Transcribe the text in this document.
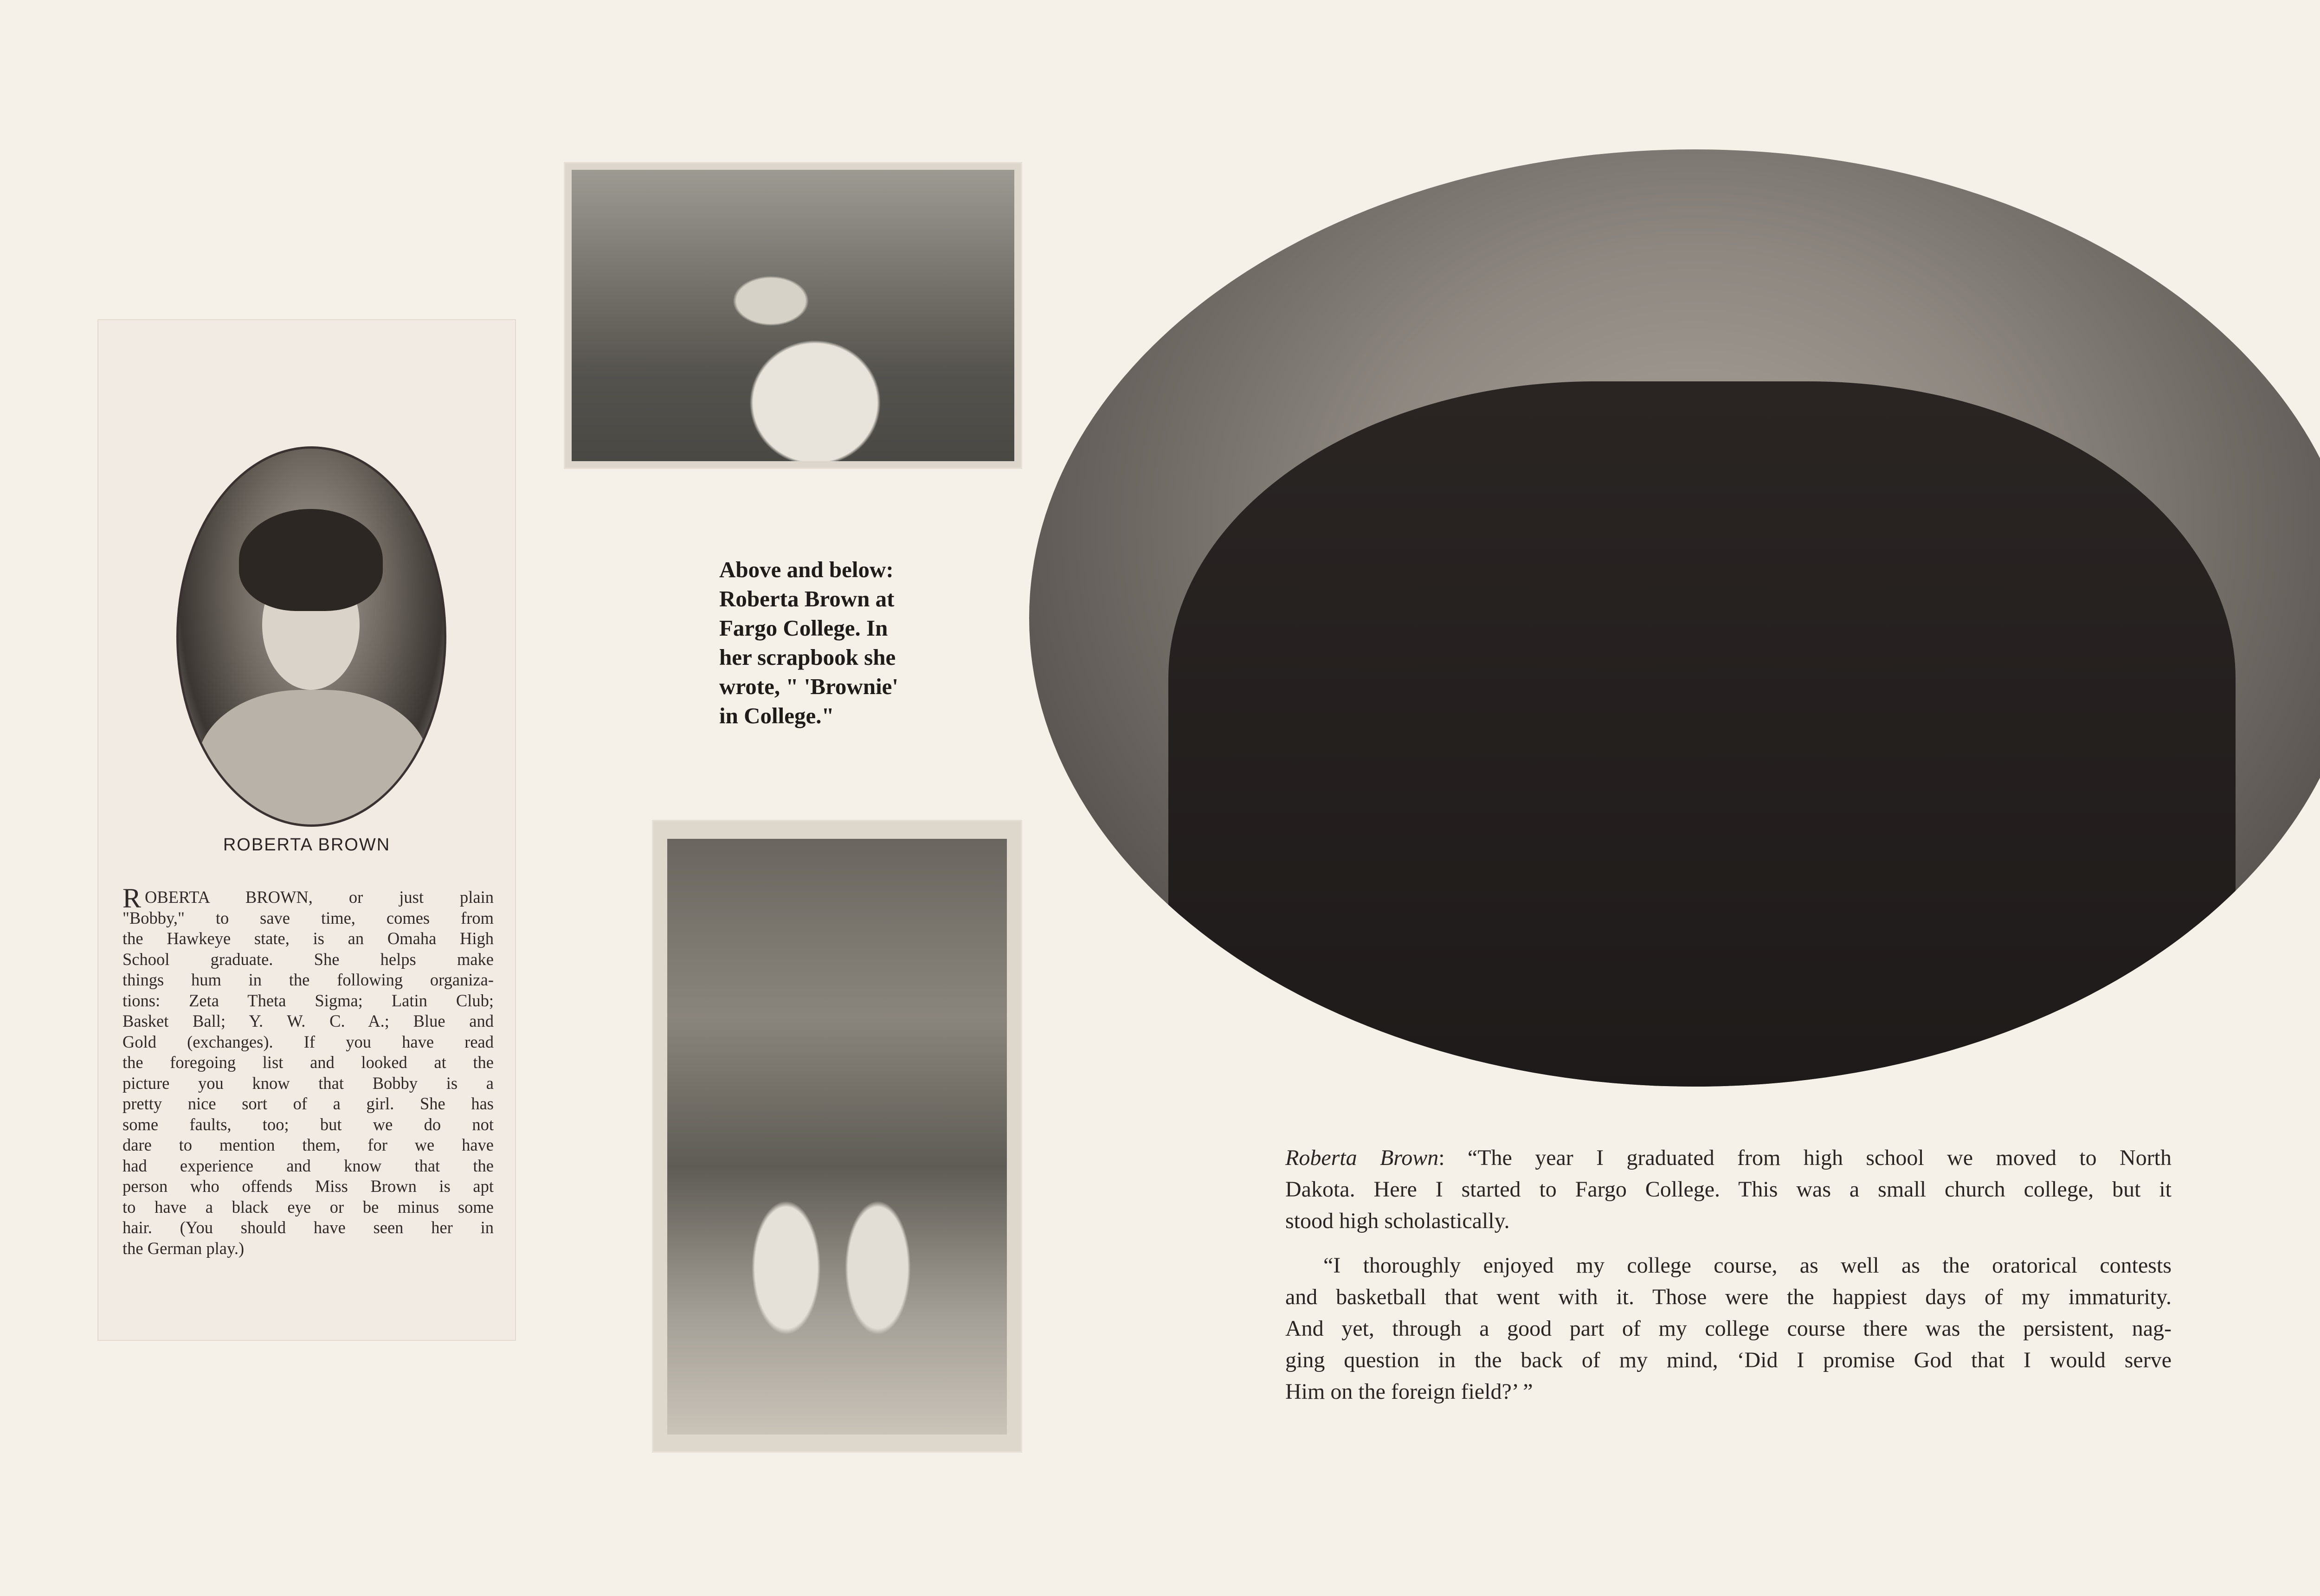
ROBERTA BROWN
R OBERTA BROWN, or just plain
"Bobby," to save time, comes from
the Hawkeye state, is an Omaha High
School graduate. She helps make
things hum in the following organiza-
tions: Zeta Theta Sigma; Latin Club;
Basket Ball; Y. W. C. A.; Blue and
Gold (exchanges). If you have read
the foregoing list and looked at the
picture you know that Bobby is a
pretty nice sort of a girl. She has
some faults, too; but we do not
dare to mention them, for we have
had experience and know that the
person who offends Miss Brown is apt
to have a black eye or be minus some
hair. (You should have seen her in
the German play.)
Above and below:
Roberta Brown at
Fargo College. In
her scrapbook she
wrote, " 'Brownie'
in College."

Roberta Brown: “The year I graduated from high school we moved to North
Dakota. Here I started to Fargo College. This was a small church college, but it
stood high scholastically.

“I thoroughly enjoyed my college course, as well as the oratorical contests
and basketball that went with it. Those were the happiest days of my immaturity.
And yet, through a good part of my college course there was the persistent, nag-
ging question in the back of my mind, ‘Did I promise God that I would serve
Him on the foreign field?’ ”
